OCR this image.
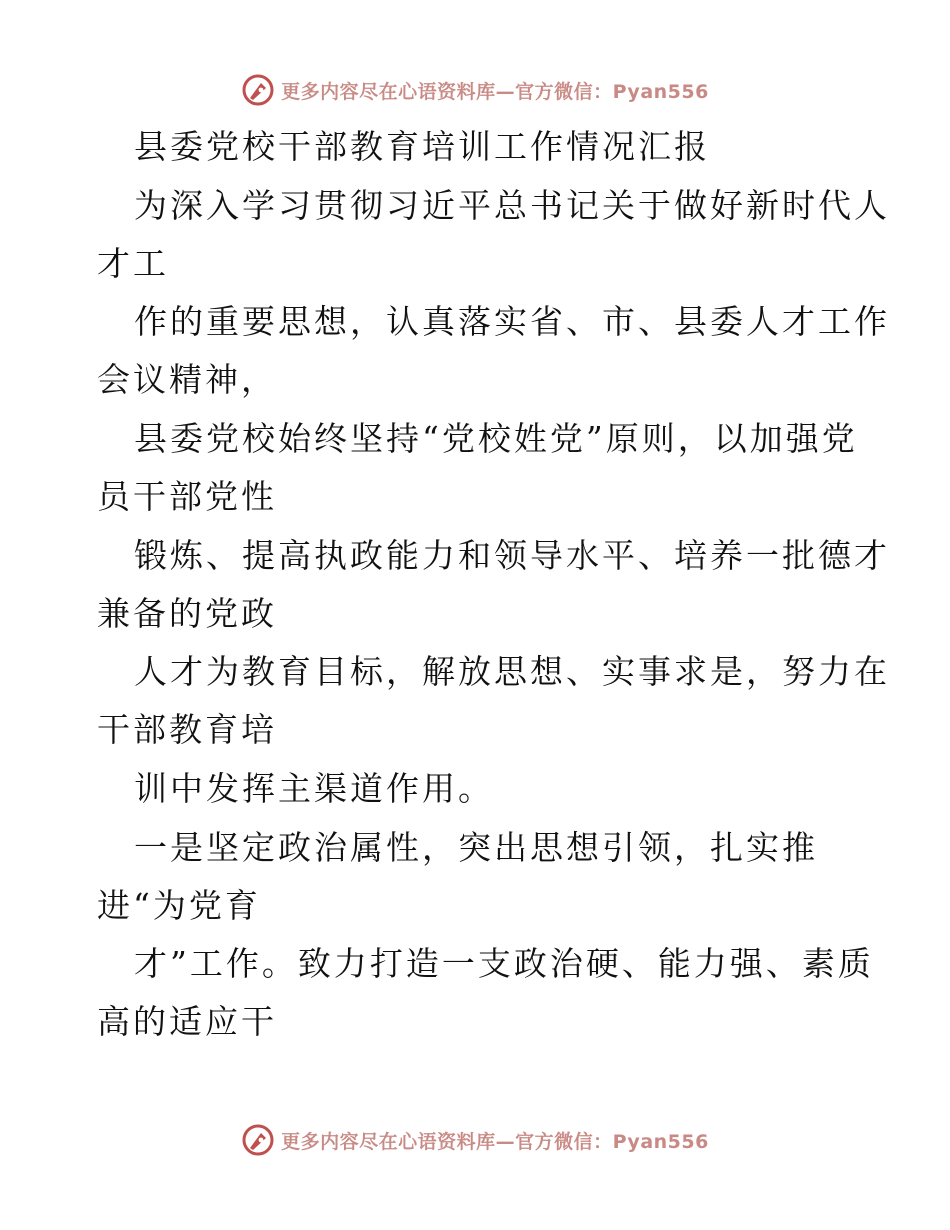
更多内容尽在心语资料库—官方微信：Pyan556
县委党校干部教育培训工作情况汇报
为深入学习贯彻习近平总书记关于做好新时代人
才工
作的重要思想，认真落实省、市、县委人才工作
会议精神，
县委党校始终坚持“党校姓党”原则，以加强党
员干部党性
锻炼、提高执政能力和领导水平、培养一批德才
兼备的党政
人才为教育目标，解放思想、实事求是，努力在
干部教育培
训中发挥主渠道作用。
一是坚定政治属性，突出思想引领，扎实推
进“为党育
才”工作。致力打造一支政治硬、能力强、素质
高的适应干
更多内容尽在心语资料库—官方微信：Pyan556
